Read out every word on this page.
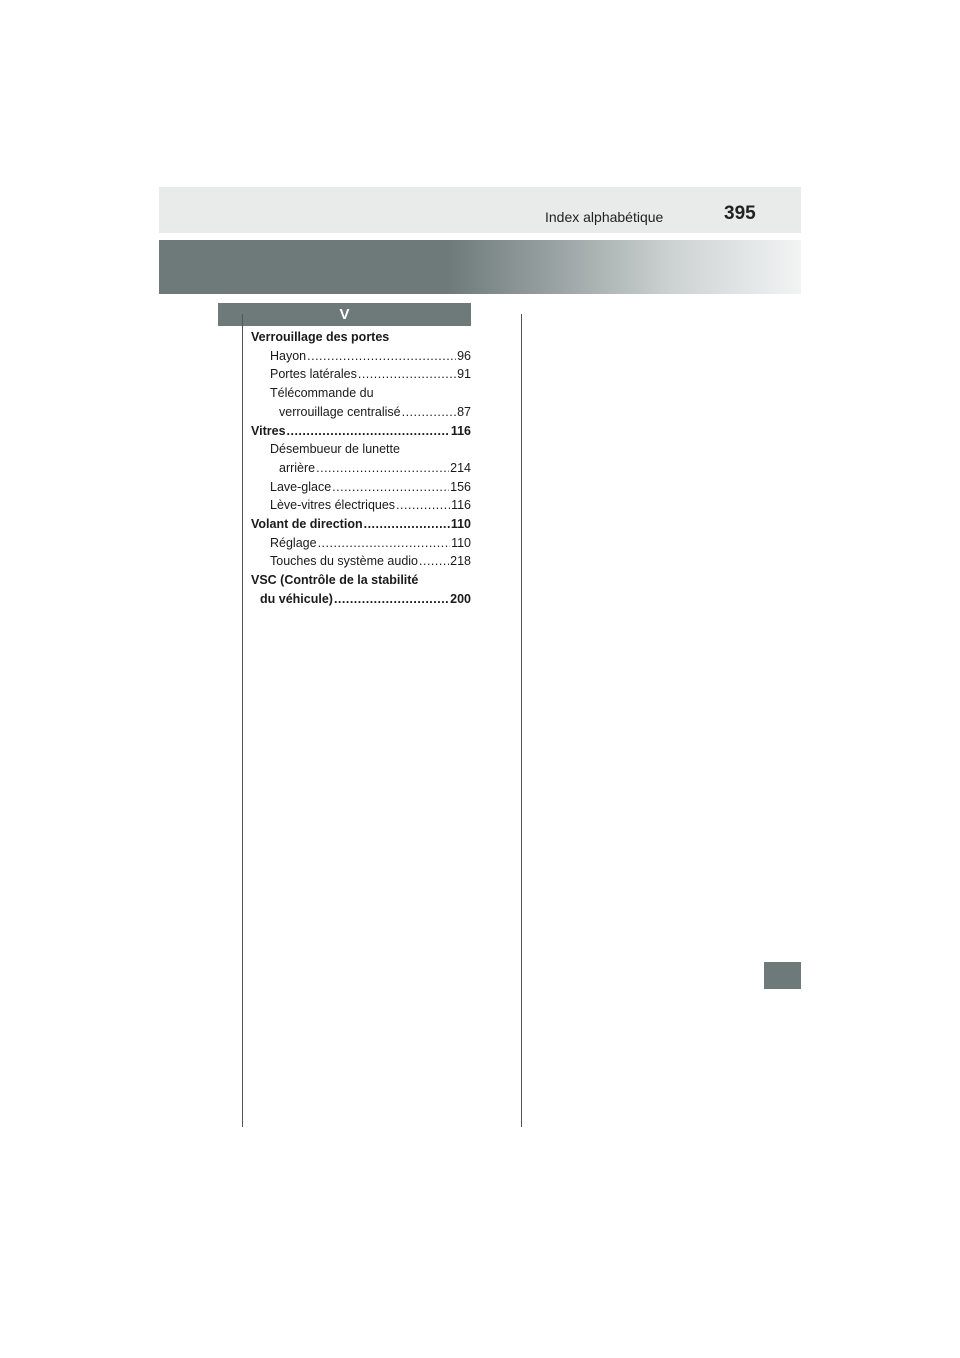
Index alphabétique	395
V
Verrouillage des portes
Hayon .....	96
Portes latérales .....	91
Télécommande du
verrouillage centralisé .....	87
Vitres .....	116
Désembueur de lunette
arrière .....	214
Lave-glace .....	156
Lève-vitres électriques .....	116
Volant de direction .....	110
Réglage .....	110
Touches du système audio .....	218
VSC (Contrôle de la stabilité
du véhicule) .....	200
